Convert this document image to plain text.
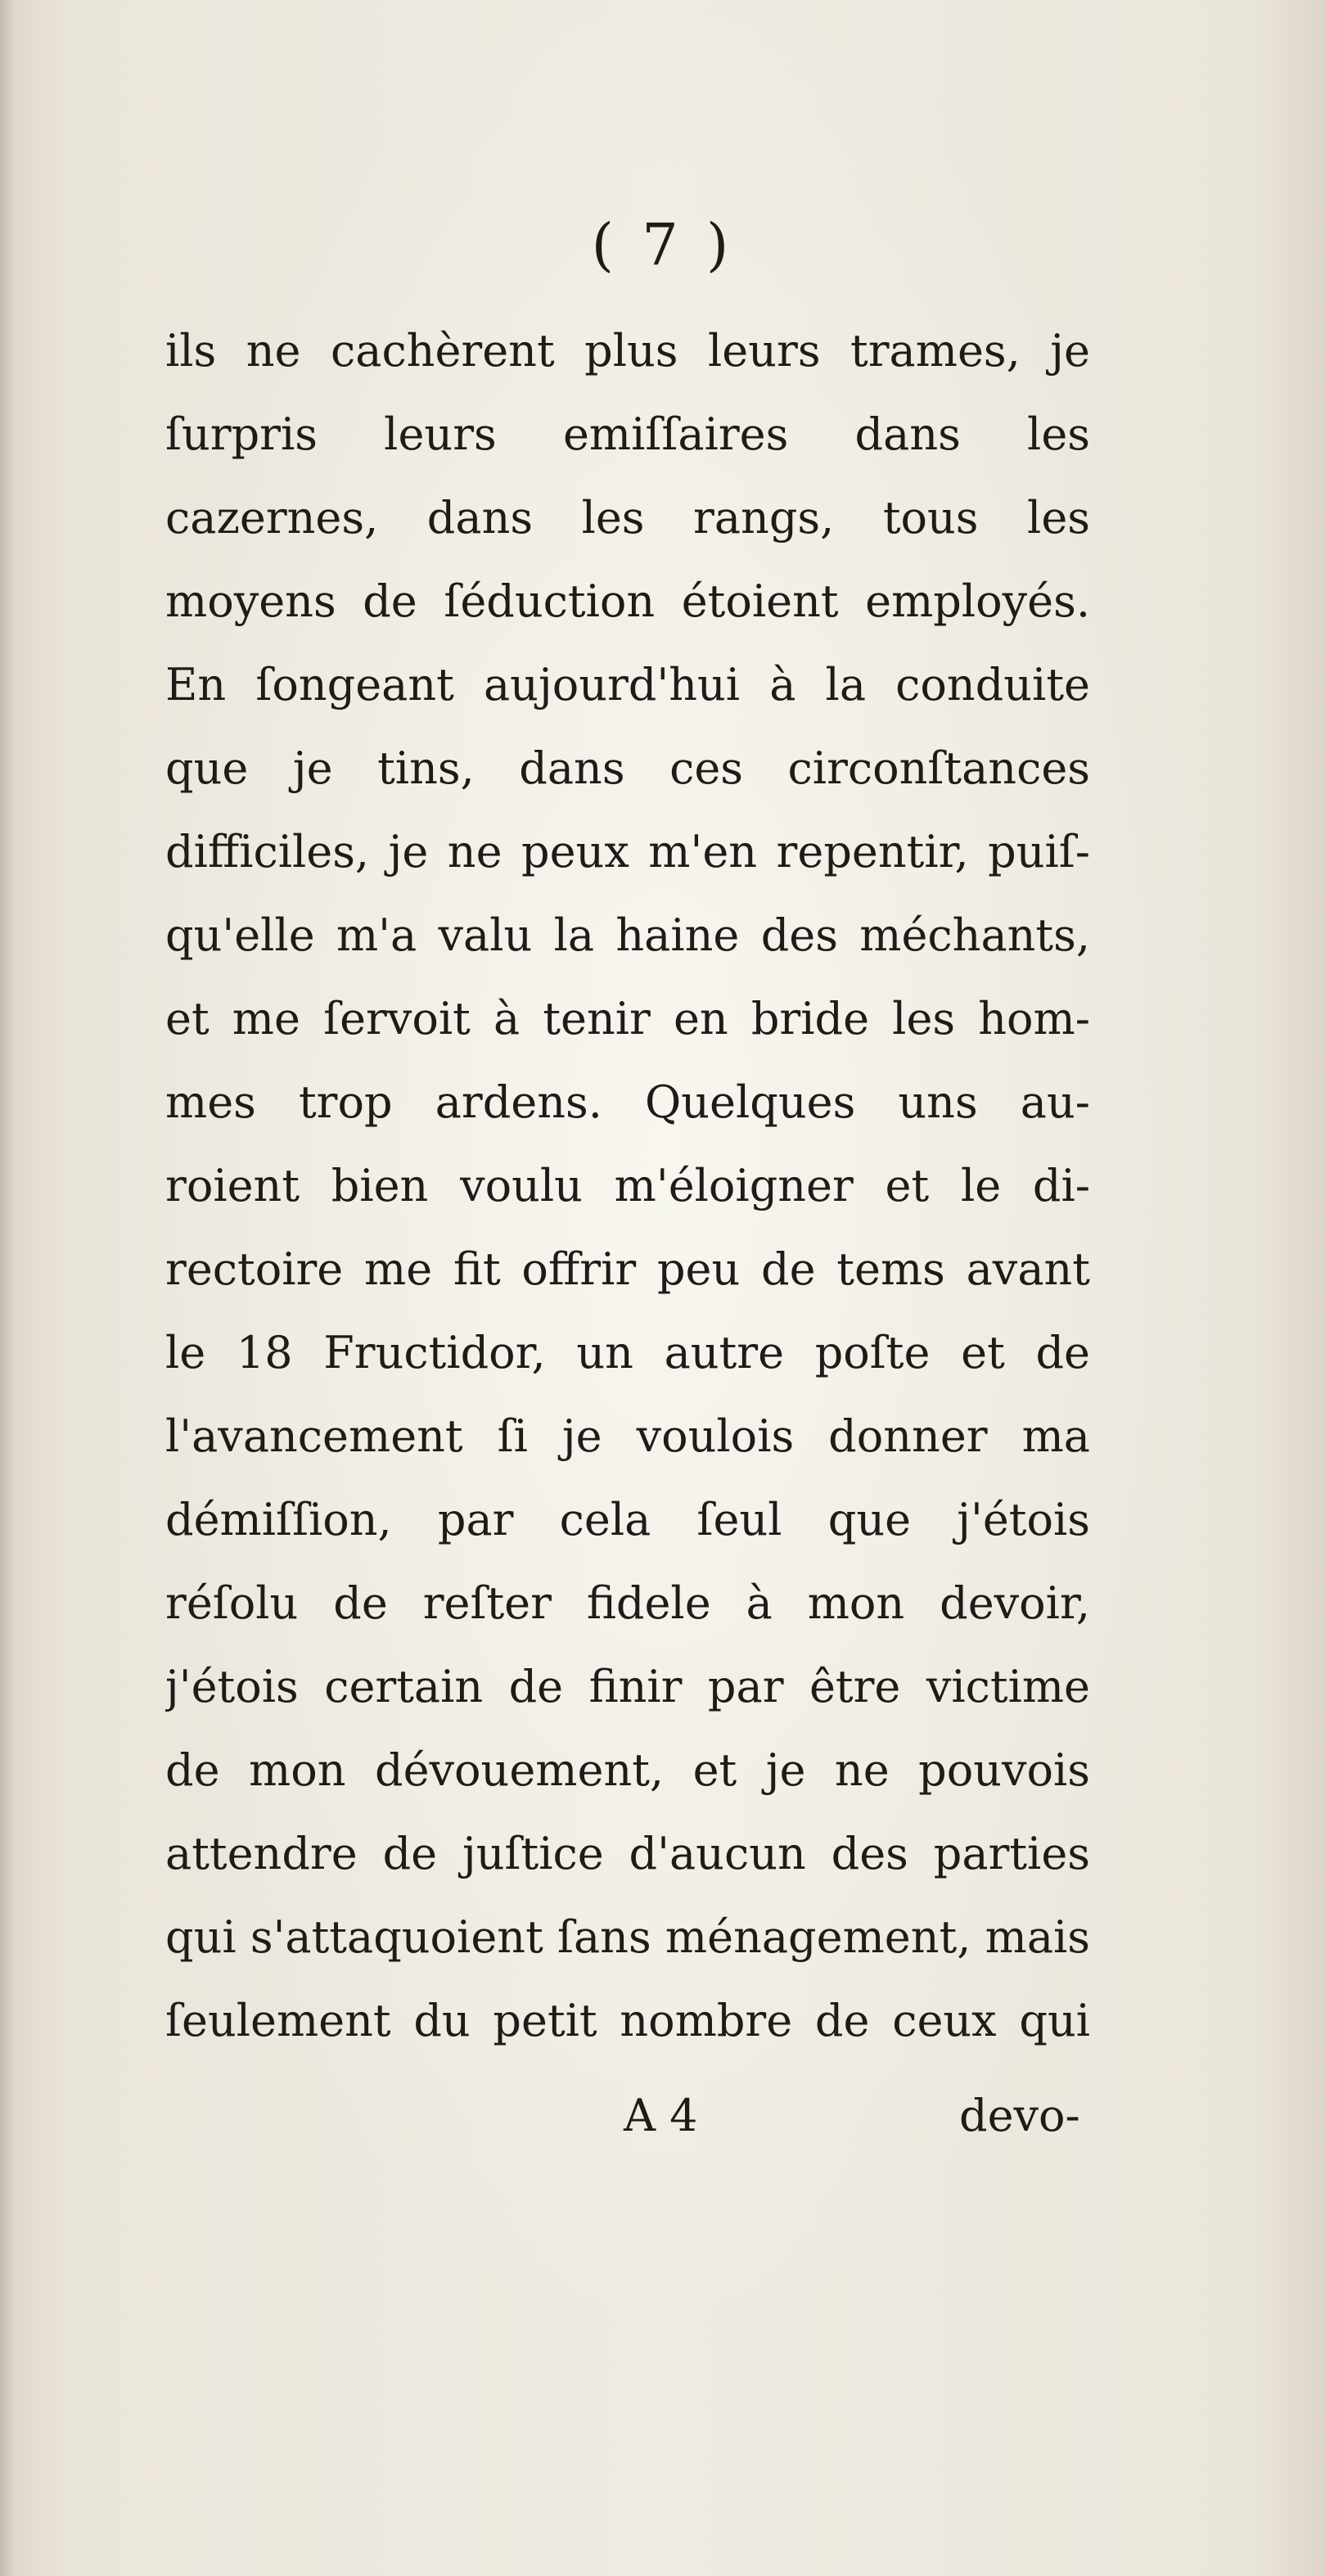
( 7 )
ils ne cachèrent plus leurs trames, je
ſurpris leurs emiſſaires dans les
cazernes, dans les rangs, tous les
moyens de ſéduction étoient employés.
En ſongeant aujourd'hui à la conduite
que je tins, dans ces circonſtances
difficiles, je ne peux m'en repentir, puiſ-
qu'elle m'a valu la haine des méchants,
et me ſervoit à tenir en bride les hom-
mes trop ardens. Quelques uns au-
roient bien voulu m'éloigner et le di-
rectoire me fit offrir peu de tems avant
le 18 Fructidor, un autre poſte et de
l'avancement ſi je voulois donner ma
démiſſion, par cela ſeul que j'étois
réſolu de reſter fidele à mon devoir,
j'étois certain de finir par être victime
de mon dévouement, et je ne pouvois
attendre de juſtice d'aucun des parties
qui s'attaquoient ſans ménagement, mais
ſeulement du petit nombre de ceux qui
A 4	devo-
